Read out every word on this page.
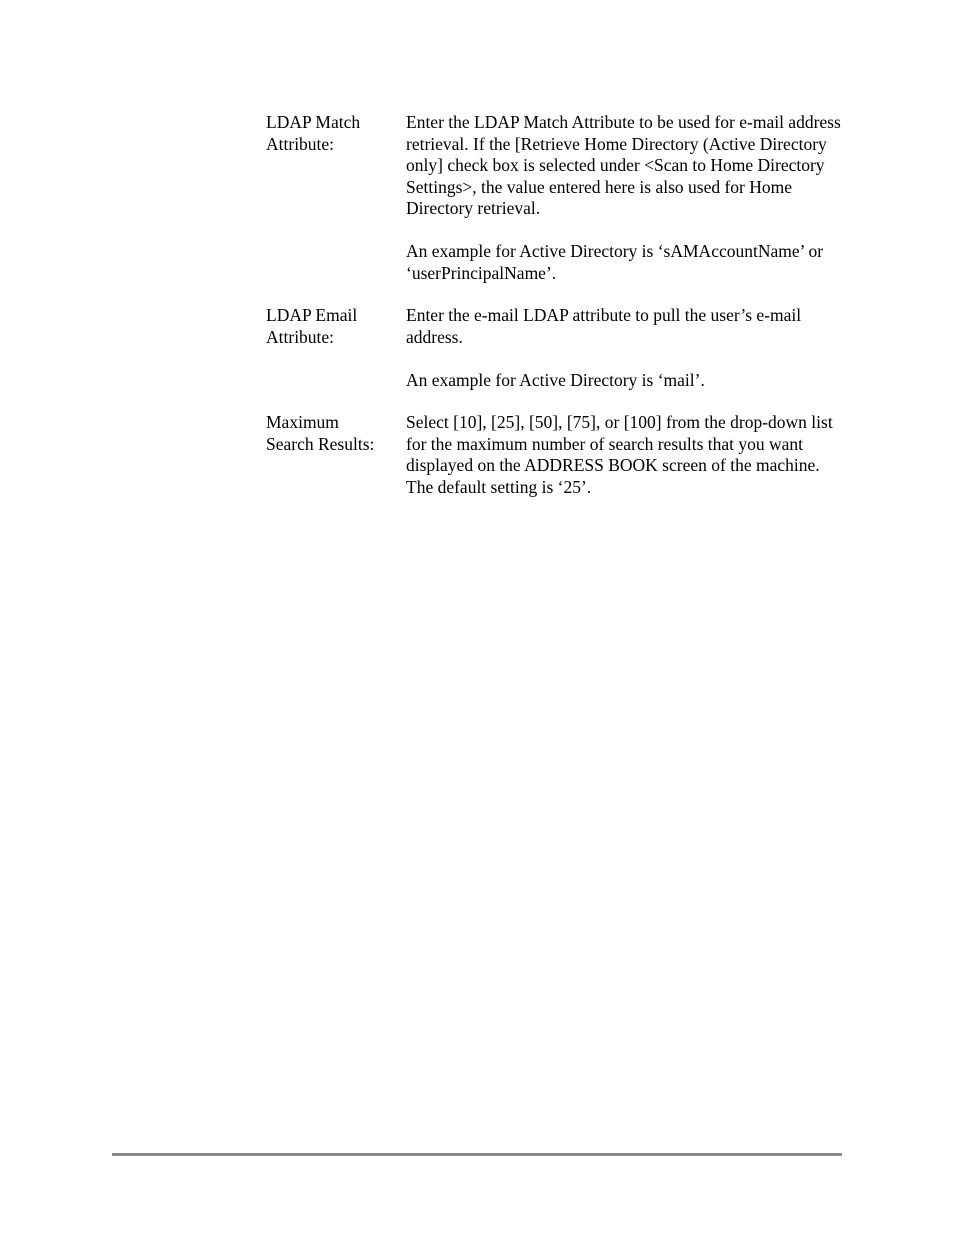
LDAP Match
Attribute:

Enter the LDAP Match Attribute to be used for e-mail address retrieval. If the [Retrieve Home Directory (Active Directory only] check box is selected under <Scan to Home Directory Settings>, the value entered here is also used for Home Directory retrieval.

An example for Active Directory is ‘sAMAccountName’ or ‘userPrincipalName’.

LDAP Email
Attribute:

Enter the e-mail LDAP attribute to pull the user’s e-mail address.

An example for Active Directory is ‘mail’.

Maximum
Search Results:

Select [10], [25], [50], [75], or [100] from the drop-down list for the maximum number of search results that you want displayed on the ADDRESS BOOK screen of the machine. The default setting is ‘25’.
